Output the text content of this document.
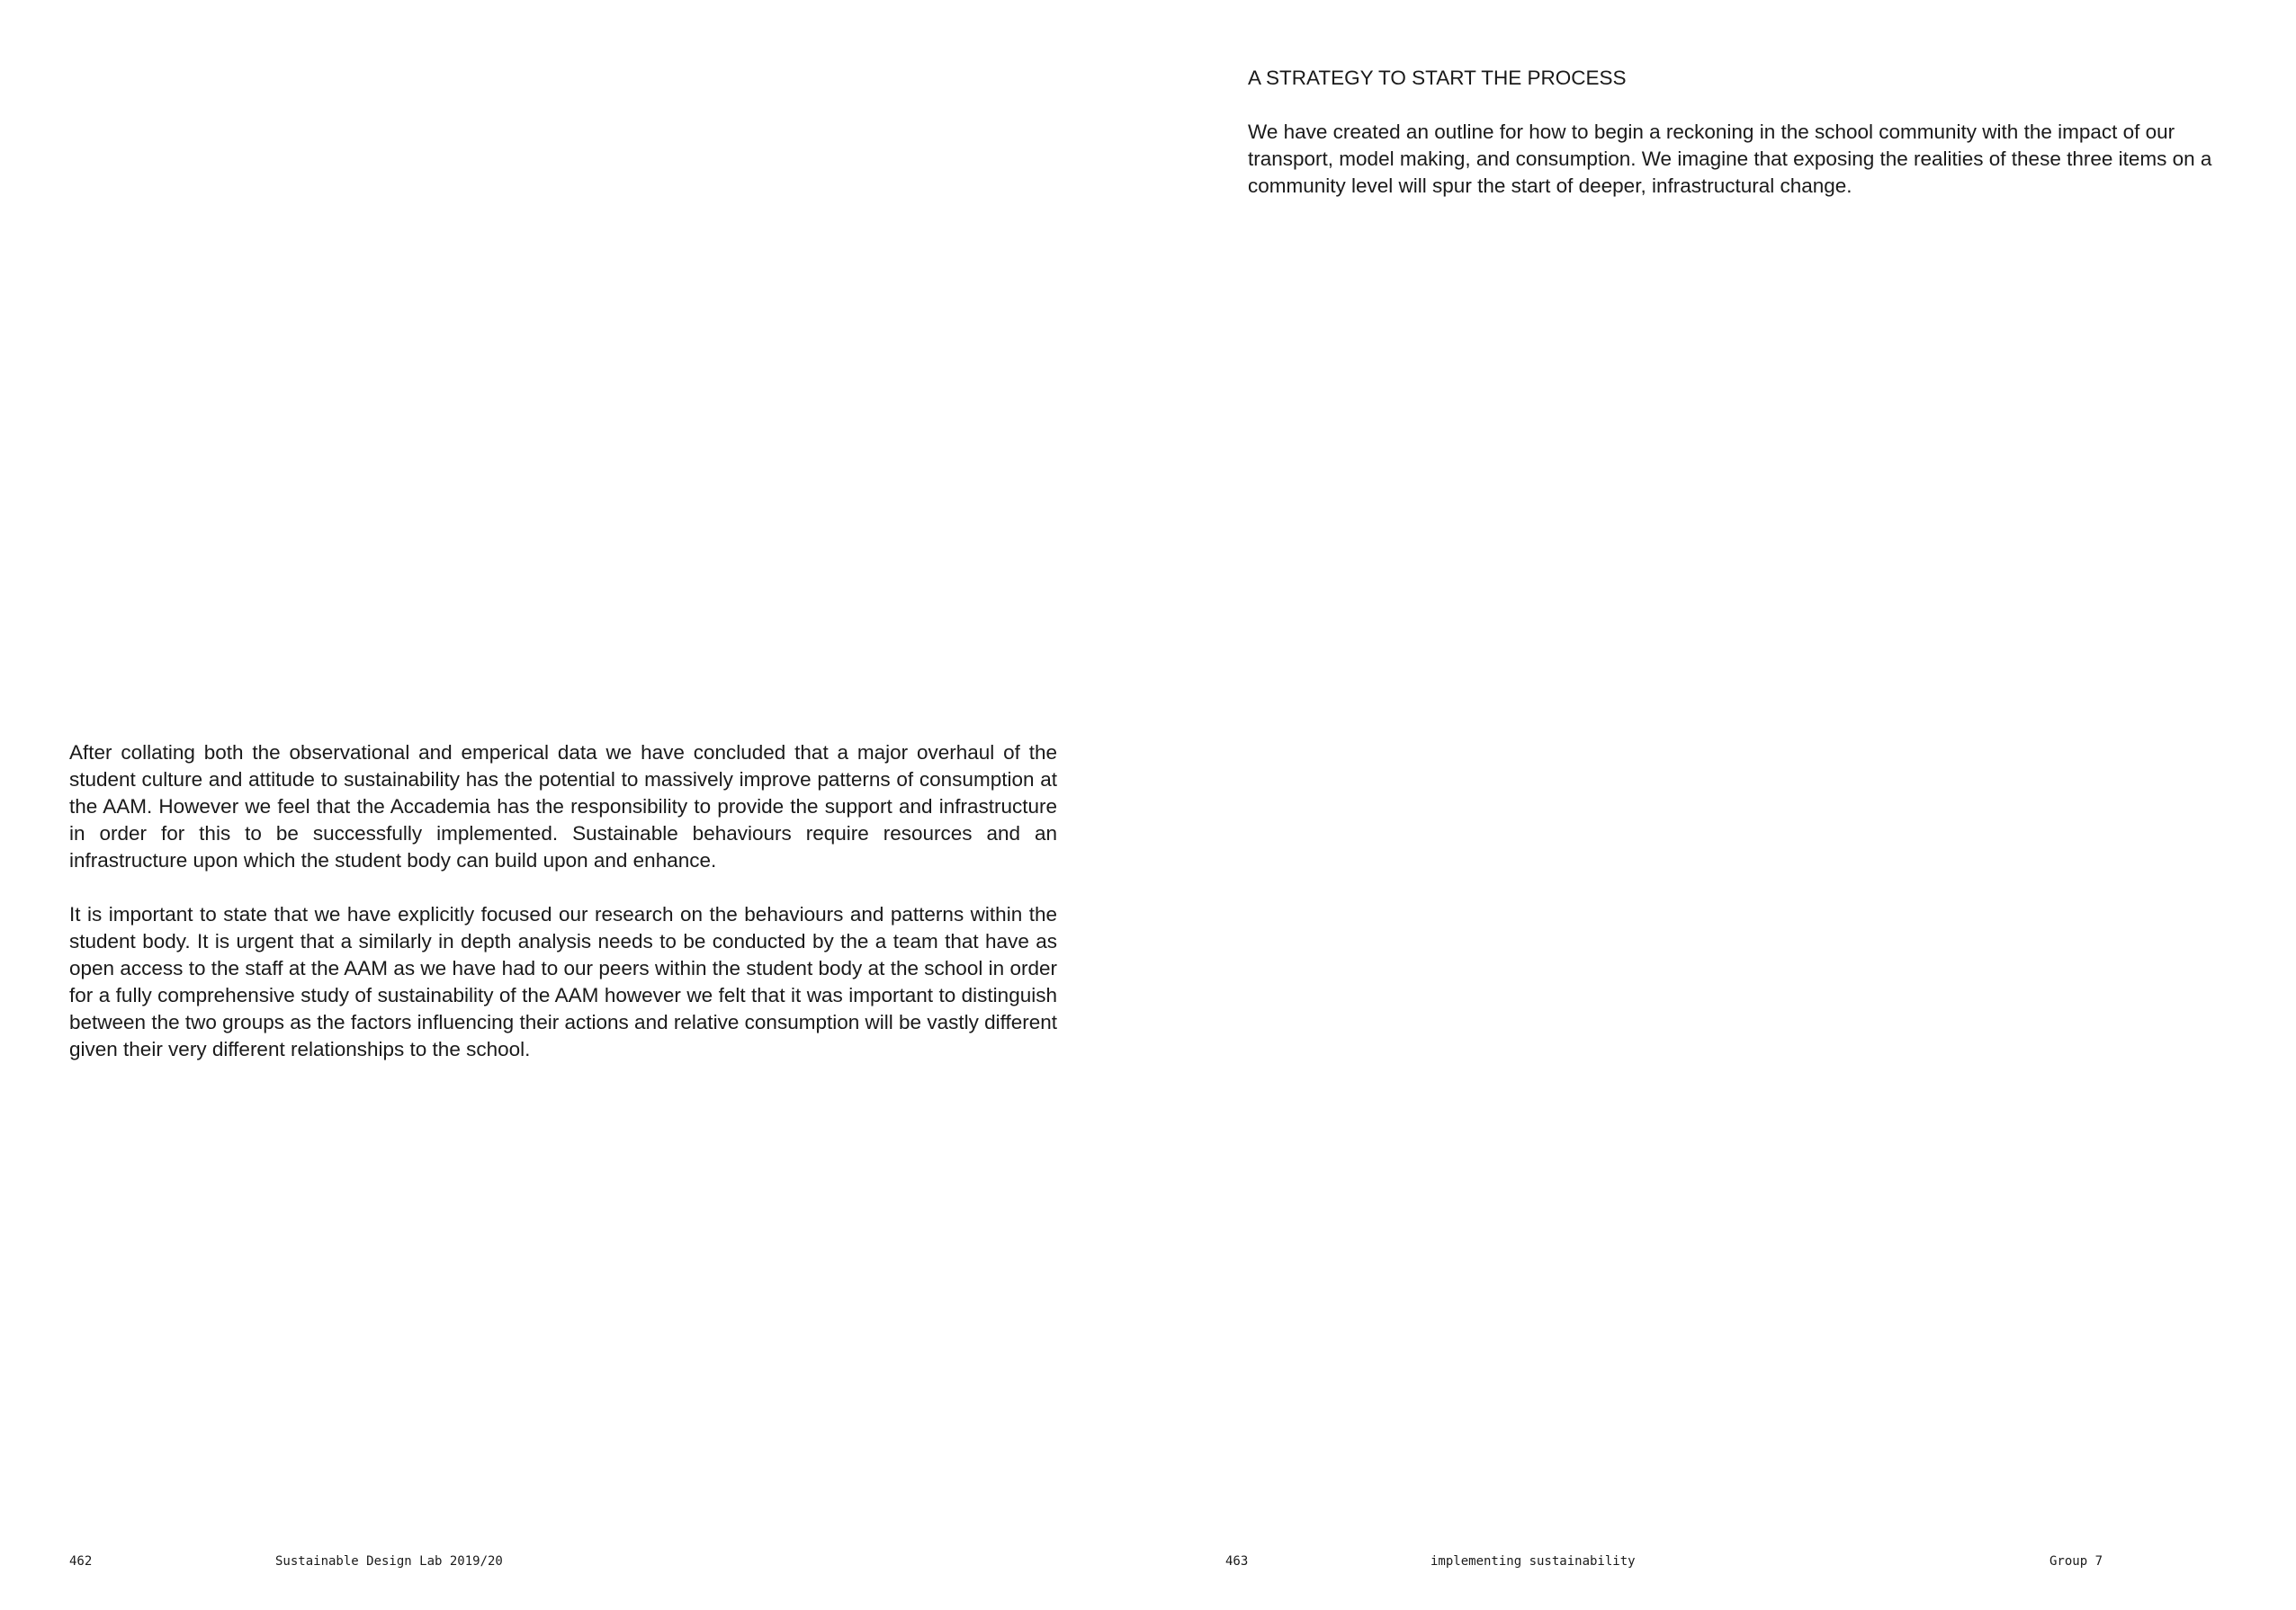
After collating both the observational and emperical data we have concluded that a major overhaul of the student culture and attitude to sustainability has the potential to massively improve patterns of consumption at the AAM. However we feel that the Accademia has the responsibility to provide the support and infrastructure in order for this to be successfully implemented. Sustainable behaviours require resources and an infrastructure upon which the student body can build upon and enhance.

It is important to state that we have explicitly focused our research on the behaviours and patterns within the student body. It is urgent that a similarly in depth analysis needs to be conducted by the a team that have as open access to the staff at the AAM as we have had to our peers within the student body at the school in order for a fully comprehensive study of sustainability of the AAM however we felt that it was important to distinguish between the two groups as the factors influencing their actions and relative consumption will be vastly different given their very different relationships to the school.

462	Sustainable Design Lab 2019/20
A STRATEGY TO START THE PROCESS

We have created an outline for how to begin a reckoning in the school community with the impact of our transport, model making, and consumption. We imagine that exposing the realities of these three items on a community level will spur the start of deeper, infrastructural change.

463	implementing sustainability	Group 7
